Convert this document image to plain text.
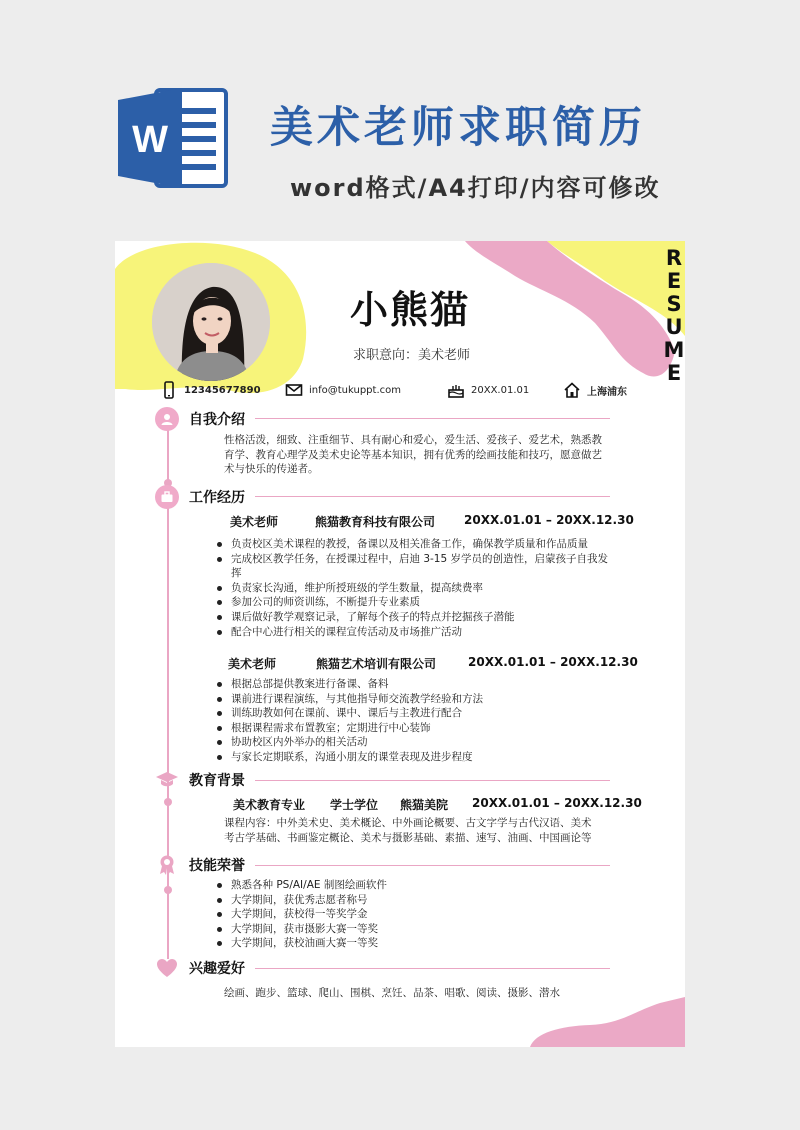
W 美术老师求职简历
word格式/A4打印/内容可修改
小熊猫
求职意向：美术老师
R
E
S
U
M
E
12345677890	info@tukuppt.com	20XX.01.01	上海浦东
自我介绍
性格活泼，细致、注重细节、具有耐心和爱心，爱生活、爱孩子、爱艺术，熟悉教育学、教育心理学及美术史论等基本知识，拥有优秀的绘画技能和技巧，愿意做艺术与快乐的传递者。
工作经历
美术老师	熊猫教育科技有限公司	20XX.01.01 – 20XX.12.30
负责校区美术课程的教授，备课以及相关准备工作，确保教学质量和作品质量
完成校区教学任务，在授课过程中，启迪 3-15 岁学员的创造性，启蒙孩子自我发挥
负责家长沟通，维护所授班级的学生数量，提高续费率
参加公司的师资训练，不断提升专业素质
课后做好教学观察记录，了解每个孩子的特点并挖掘孩子潜能
配合中心进行相关的课程宣传活动及市场推广活动
美术老师	熊猫艺术培训有限公司	20XX.01.01 – 20XX.12.30
根据总部提供教案进行备课、备料
课前进行课程演练，与其他指导师交流教学经验和方法
训练助教如何在课前、课中、课后与主教进行配合
根据课程需求布置教室；定期进行中心装饰
协助校区内外举办的相关活动
与家长定期联系，沟通小朋友的课堂表现及进步程度
教育背景
美术教育专业	学士学位	熊猫美院	20XX.01.01 – 20XX.12.30
课程内容：中外美术史、美术概论、中外画论概要、古文字学与古代汉语、美术考古学基础、书画鉴定概论、美术与摄影基础、素描、速写、油画、中国画论等
技能荣誉
熟悉各种 PS/AI/AE 制图绘画软件
大学期间，获优秀志愿者称号
大学期间，获校得一等奖学金
大学期间，获市摄影大赛一等奖
大学期间，获校油画大赛一等奖
兴趣爱好
绘画、跑步、篮球、爬山、围棋、烹饪、品茶、唱歌、阅读、摄影、潜水
